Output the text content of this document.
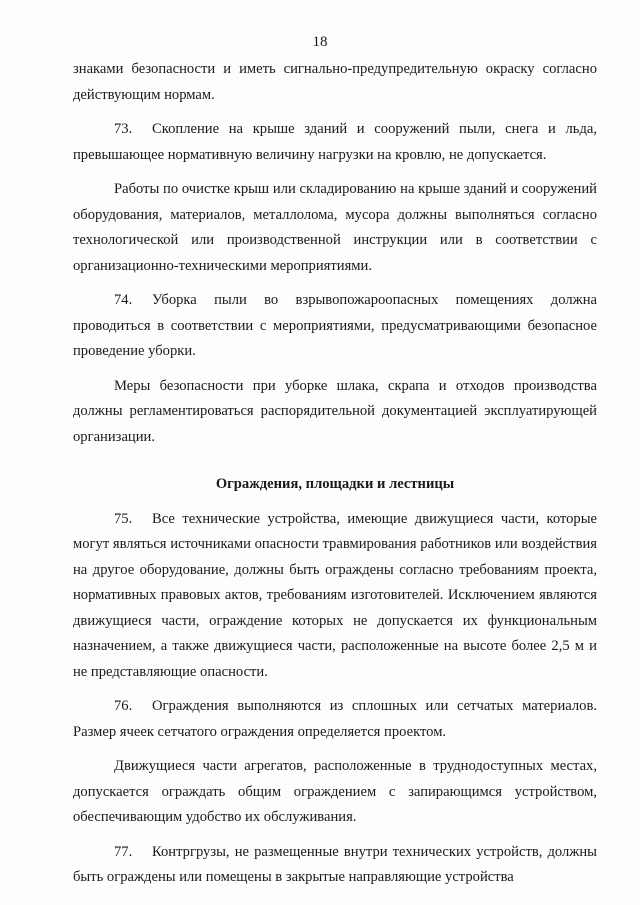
18

знаками безопасности и иметь сигнально-предупредительную окраску согласно действующим нормам.

73. Скопление на крыше зданий и сооружений пыли, снега и льда, превышающее нормативную величину нагрузки на кровлю, не допускается.

Работы по очистке крыш или складированию на крыше зданий и сооружений оборудования, материалов, металлолома, мусора должны выполняться согласно технологической или производственной инструкции или в соответствии с организационно-техническими мероприятиями.

74. Уборка пыли во взрывопожароопасных помещениях должна проводиться в соответствии с мероприятиями, предусматривающими безопасное проведение уборки.

Меры безопасности при уборке шлака, скрапа и отходов производства должны регламентироваться распорядительной документацией эксплуатирующей организации.

Ограждения, площадки и лестницы

75. Все технические устройства, имеющие движущиеся части, которые могут являться источниками опасности травмирования работников или воздействия на другое оборудование, должны быть ограждены согласно требованиям проекта, нормативных правовых актов, требованиям изготовителей. Исключением являются движущиеся части, ограждение которых не допускается их функциональным назначением, а также движущиеся части, расположенные на высоте более 2,5 м и не представляющие опасности.

76. Ограждения выполняются из сплошных или сетчатых материалов. Размер ячеек сетчатого ограждения определяется проектом.

Движущиеся части агрегатов, расположенные в труднодоступных местах, допускается ограждать общим ограждением с запирающимся устройством, обеспечивающим удобство их обслуживания.

77. Контргрузы, не размещенные внутри технических устройств, должны быть ограждены или помещены в закрытые направляющие устройства
